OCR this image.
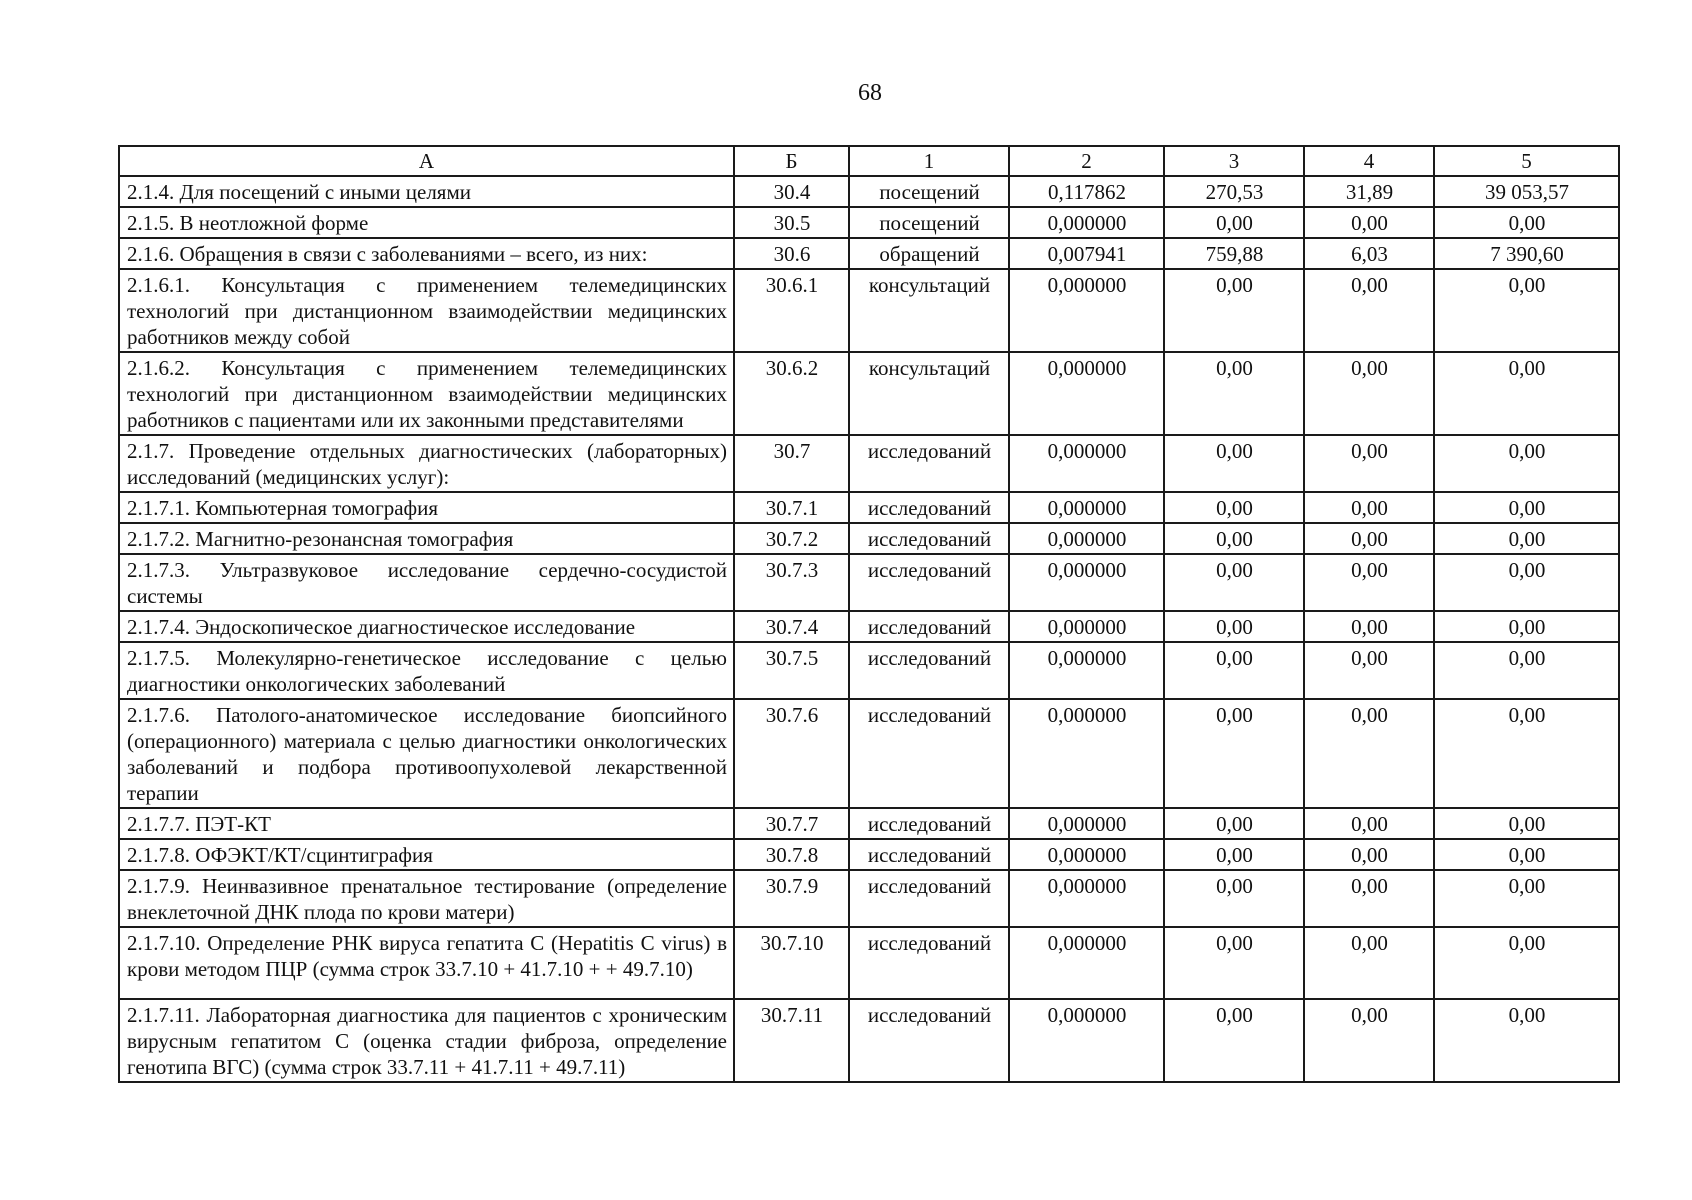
68
А	Б	1	2	3	4	5
2.1.4. Для посещений с иными целями	30.4	посещений	0,117862	270,53	31,89	39 053,57
2.1.5. В неотложной форме	30.5	посещений	0,000000	0,00	0,00	0,00
2.1.6. Обращения в связи с заболеваниями – всего, из них:	30.6	обращений	0,007941	759,88	6,03	7 390,60
2.1.6.1. Консультация с применением телемедицинских технологий при дистанционном взаимодействии медицинских работников между собой	30.6.1	консультаций	0,000000	0,00	0,00	0,00
2.1.6.2. Консультация с применением телемедицинских технологий при дистанционном взаимодействии медицинских работников с пациентами или их законными представителями	30.6.2	консультаций	0,000000	0,00	0,00	0,00
2.1.7. Проведение отдельных диагностических (лабораторных) исследований (медицинских услуг):	30.7	исследований	0,000000	0,00	0,00	0,00
2.1.7.1. Компьютерная томография	30.7.1	исследований	0,000000	0,00	0,00	0,00
2.1.7.2. Магнитно-резонансная томография	30.7.2	исследований	0,000000	0,00	0,00	0,00
2.1.7.3. Ультразвуковое исследование сердечно-сосудистой системы	30.7.3	исследований	0,000000	0,00	0,00	0,00
2.1.7.4. Эндоскопическое диагностическое исследование	30.7.4	исследований	0,000000	0,00	0,00	0,00
2.1.7.5. Молекулярно-генетическое исследование с целью диагностики онкологических заболеваний	30.7.5	исследований	0,000000	0,00	0,00	0,00
2.1.7.6. Патолого-анатомическое исследование биопсийного (операционного) материала с целью диагностики онкологических заболеваний и подбора противоопухолевой лекарственной терапии	30.7.6	исследований	0,000000	0,00	0,00	0,00
2.1.7.7. ПЭТ-КТ	30.7.7	исследований	0,000000	0,00	0,00	0,00
2.1.7.8. ОФЭКТ/КТ/сцинтиграфия	30.7.8	исследований	0,000000	0,00	0,00	0,00
2.1.7.9. Неинвазивное пренатальное тестирование (определение внеклеточной ДНК плода по крови матери)	30.7.9	исследований	0,000000	0,00	0,00	0,00
2.1.7.10. Определение РНК вируса гепатита С (Hepatitis C virus) в крови методом ПЦР (сумма строк 33.7.10 + 41.7.10 + + 49.7.10)	30.7.10	исследований	0,000000	0,00	0,00	0,00
2.1.7.11. Лабораторная диагностика для пациентов с хроническим вирусным гепатитом С (оценка стадии фиброза, определение генотипа ВГС) (сумма строк 33.7.11 + 41.7.11 + 49.7.11)	30.7.11	исследований	0,000000	0,00	0,00	0,00
